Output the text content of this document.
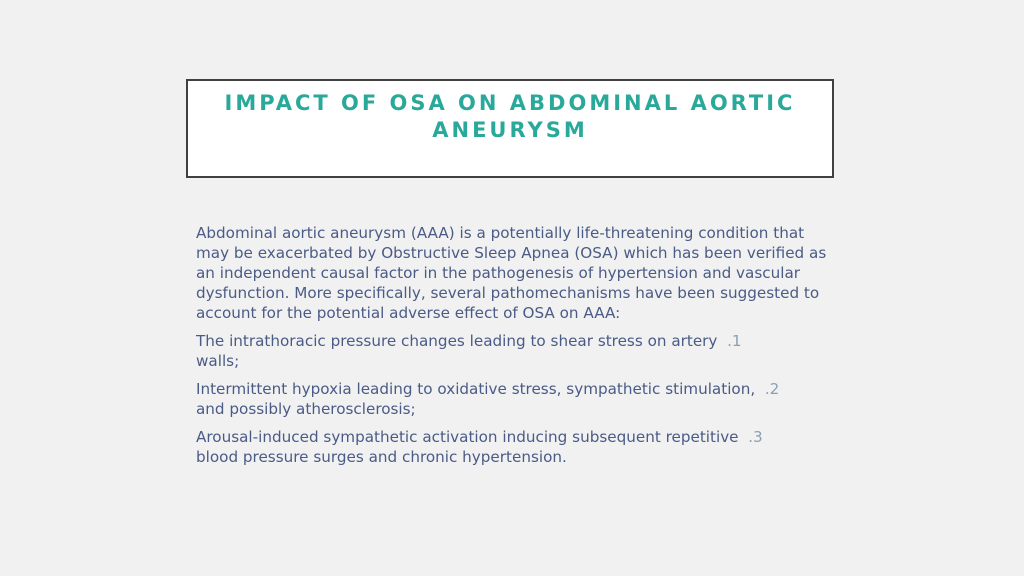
IMPACT OF OSA ON ABDOMINAL AORTIC ANEURYSM

Abdominal aortic aneurysm (AAA) is a potentially life-threatening condition that may be exacerbated by Obstructive Sleep Apnea (OSA) which has been verified as an independent causal factor in the pathogenesis of hypertension and vascular dysfunction. More specifically, several pathomechanisms have been suggested to account for the potential adverse effect of OSA on AAA:

The intrathoracic pressure changes leading to shear stress on artery .1
walls;

Intermittent hypoxia leading to oxidative stress, sympathetic stimulation, .2
and possibly atherosclerosis;

Arousal-induced sympathetic activation inducing subsequent repetitive .3
blood pressure surges and chronic hypertension.
